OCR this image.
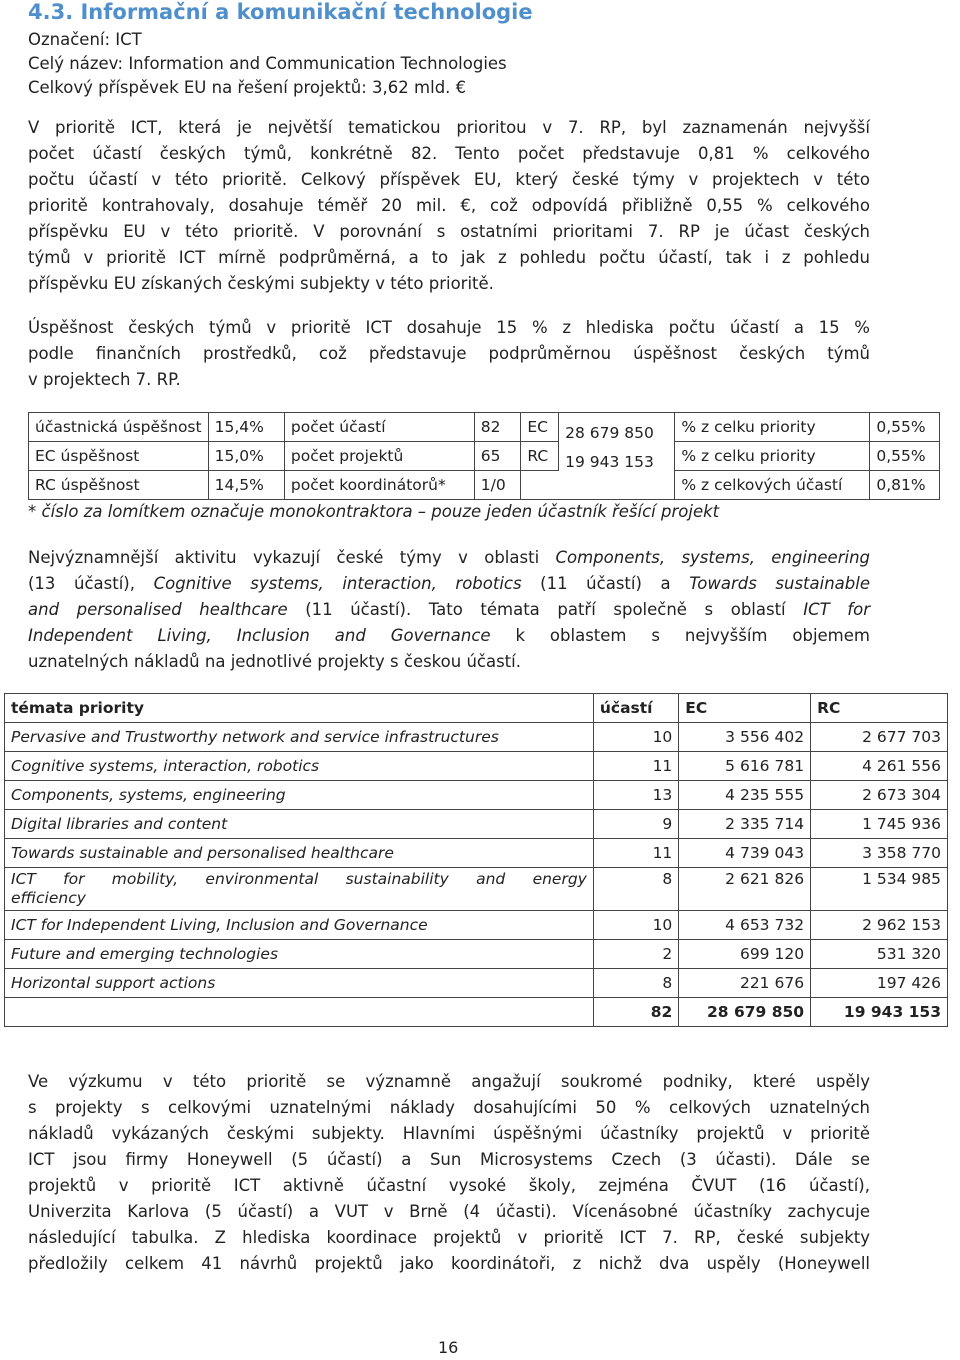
4.3. Informační a komunikační technologie
Označení: ICT
Celý název: Information and Communication Technologies
Celkový příspěvek EU na řešení projektů: 3,62 mld. €

V prioritě ICT, která je největší tematickou prioritou v 7. RP, byl zaznamenán nejvyšší
počet účastí českých týmů, konkrétně 82. Tento počet představuje 0,81 % celkového
počtu účastí v této prioritě. Celkový příspěvek EU, který české týmy v projektech v této
prioritě kontrahovaly, dosahuje téměř 20 mil. €, což odpovídá přibližně 0,55 % celkového
příspěvku EU v této prioritě. V porovnání s ostatními prioritami 7. RP je účast českých
týmů v prioritě ICT mírně podprůměrná, a to jak z pohledu počtu účastí, tak i z pohledu
příspěvku EU získaných českými subjekty v této prioritě.

Úspěšnost českých týmů v prioritě ICT dosahuje 15 % z hlediska počtu účastí a 15 %
podle finančních prostředků, což představuje podprůměrnou úspěšnost českých týmů
v projektech 7. RP.

účastnická úspěšnost	15,4%	počet účastí	82	EC	28 679 850	% z celku priority	0,55%
EC úspěšnost	15,0%	počet projektů	65	RC	19 943 153	% z celku priority	0,55%
RC úspěšnost	14,5%	počet koordinátorů*	1/0			% z celkových účastí	0,81%
* číslo za lomítkem označuje monokontraktora – pouze jeden účastník řešící projekt

Nejvýznamnější aktivitu vykazují české týmy v oblasti Components, systems, engineering
(13 účastí), Cognitive systems, interaction, robotics (11 účastí) a Towards sustainable
and personalised healthcare (11 účastí). Tato témata patří společně s oblastí ICT for
Independent Living, Inclusion and Governance k oblastem s nejvyšším objemem
uznatelných nákladů na jednotlivé projekty s českou účastí.

témata priority	účastí	EC	RC
Pervasive and Trustworthy network and service infrastructures	10	3 556 402	2 677 703
Cognitive systems, interaction, robotics	11	5 616 781	4 261 556
Components, systems, engineering	13	4 235 555	2 673 304
Digital libraries and content	9	2 335 714	1 745 936
Towards sustainable and personalised healthcare	11	4 739 043	3 358 770

ICT for mobility, environmental sustainability and energy
efficiency	8	2 621 826	1 534 985
ICT for Independent Living, Inclusion and Governance	10	4 653 732	2 962 153
Future and emerging technologies	2	699 120	531 320
Horizontal support actions	8	221 676	197 426
	82	28 679 850	19 943 153

Ve výzkumu v této prioritě se významně angažují soukromé podniky, které uspěly
s projekty s celkovými uznatelnými náklady dosahujícími 50 % celkových uznatelných
nákladů vykázaných českými subjekty. Hlavními úspěšnými účastníky projektů v prioritě
ICT jsou firmy Honeywell (5 účastí) a Sun Microsystems Czech (3 účasti). Dále se
projektů v prioritě ICT aktivně účastní vysoké školy, zejména ČVUT (16 účastí),
Univerzita Karlova (5 účastí) a VUT v Brně (4 účasti). Vícenásobné účastníky zachycuje
následující tabulka. Z hlediska koordinace projektů v prioritě ICT 7. RP, české subjekty
předložily celkem 41 návrhů projektů jako koordinátoři, z nichž dva uspěly (Honeywell

16
